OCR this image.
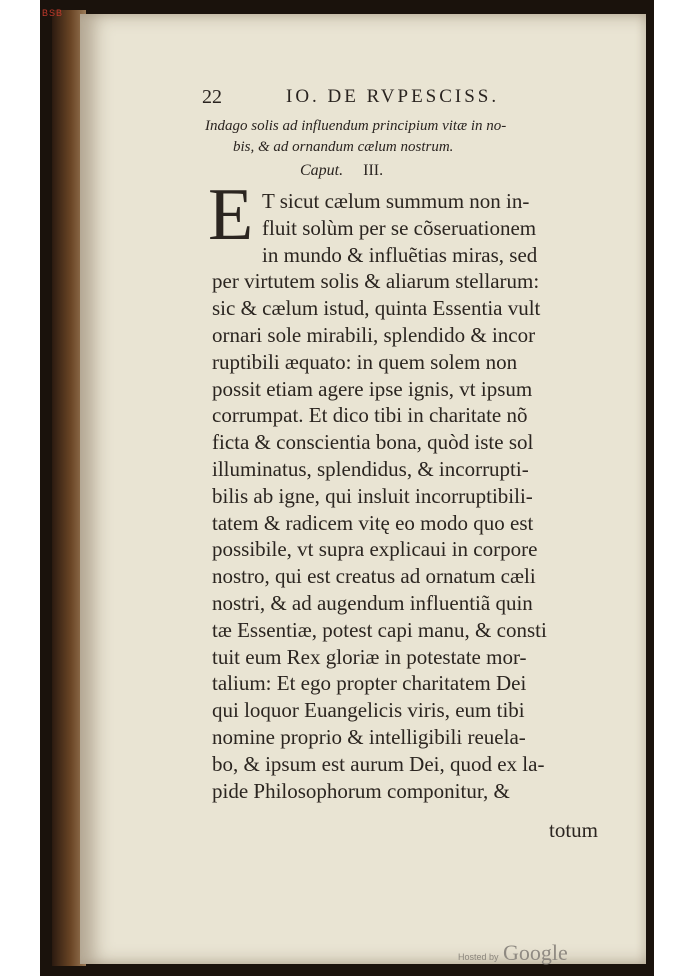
BSB
22	IO. DE RVPESCISS.
Indago solis ad influendum principium vitæ in no-
bis, & ad ornandum cælum nostrum.
Caput. III.
E T sicut cælum summum non in-
fluit solùm per se cõseruationem
in mundo & influẽtias miras, sed
per virtutem solis & aliarum stellarum:
sic & cælum istud, quinta Essentia vult
ornari sole mirabili, splendido & incor
ruptibili æquato: in quem solem non
possit etiam agere ipse ignis, vt ipsum
corrumpat. Et dico tibi in charitate nõ
ficta & conscientia bona, quòd iste sol
illuminatus, splendidus, & incorrupti-
bilis ab igne, qui insluit incorruptibili-
tatem & radicem vitę eo modo quo est
possibile, vt supra explicaui in corpore
nostro, qui est creatus ad ornatum cæli
nostri, & ad augendum influentiã quin
tæ Essentiæ, potest capi manu, & consti
tuit eum Rex gloriæ in potestate mor-
talium: Et ego propter charitatem Dei
qui loquor Euangelicis viris, eum tibi
nomine proprio & intelligibili reuela-
bo, & ipsum est aurum Dei, quod ex la-
pide Philosophorum componitur, &
totum
Hosted by Google
